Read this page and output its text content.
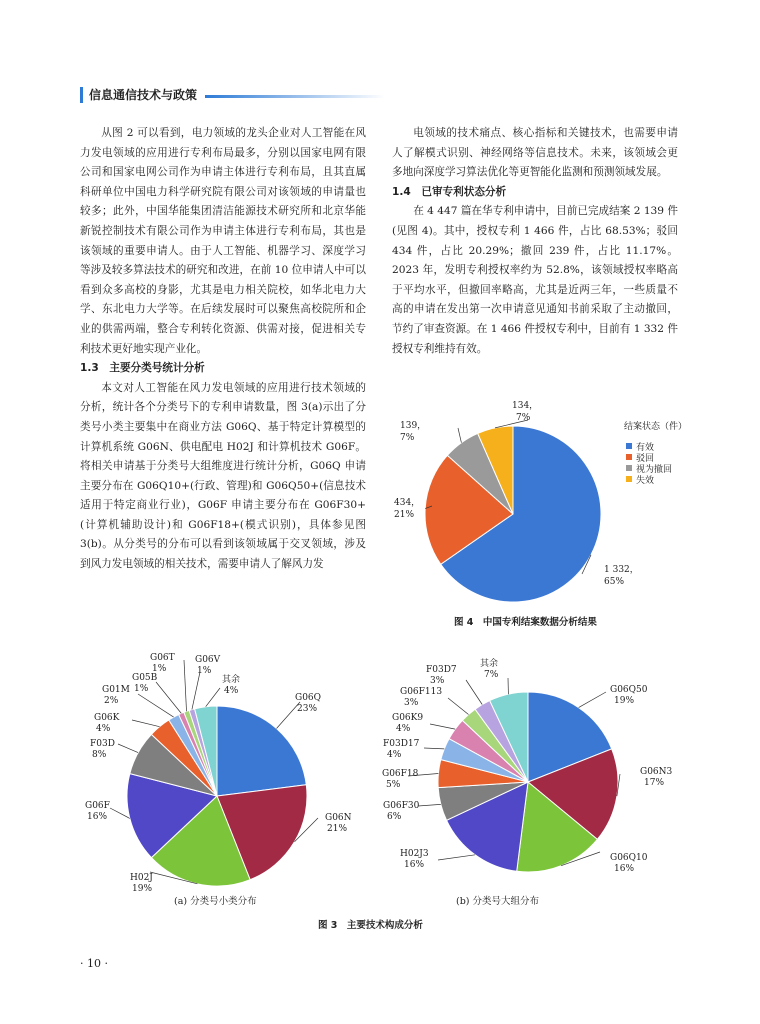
信息通信技术与政策

从图 2 可以看到，电力领域的龙头企业对人工智能在风力发电领域的应用进行专利布局最多，分别以国家电网有限公司和国家电网公司作为申请主体进行专利布局，且其直属科研单位中国电力科学研究院有限公司对该领域的申请量也较多；此外，中国华能集团清洁能源技术研究所和北京华能新锐控制技术有限公司作为申请主体进行专利布局，其也是该领域的重要申请人。由于人工智能、机器学习、深度学习等涉及较多算法技术的研究和改进，在前 10 位申请人中可以看到众多高校的身影，尤其是电力相关院校，如华北电力大学、东北电力大学等。在后续发展时可以聚焦高校院所和企业的供需两端，整合专利转化资源、供需对接，促进相关专利技术更好地实现产业化。

1.3　主要分类号统计分析

本文对人工智能在风力发电领域的应用进行技术领域的分析，统计各个分类号下的专利申请数量，图 3(a)示出了分类号小类主要集中在商业方法 G06Q、基于特定计算模型的计算机系统 G06N、供电配电 H02J 和计算机技术 G06F。将相关申请基于分类号大组维度进行统计分析，G06Q 申请主要分布在 G06Q10+(行政、管理)和 G06Q50+(信息技术适用于特定商业行业)，G06F 申请主要分布在 G06F30+(计算机辅助设计)和 G06F18+(模式识别)，具体参见图 3(b)。从分类号的分布可以看到该领域属于交叉领域，涉及到风力发电领域的相关技术，需要申请人了解风力发

电领域的技术痛点、核心指标和关键技术，也需要申请人了解模式识别、神经网络等信息技术。未来，该领域会更多地向深度学习算法优化等更智能化监测和预测领域发展。

1.4　已审专利状态分析

在 4 447 篇在华专利申请中，目前已完成结案 2 139 件(见图 4)。其中，授权专利 1 466 件，占比 68.53%；驳回 434 件，占比 20.29%；撤回 239 件，占比 11.17%。2023 年，发明专利授权率约为 52.8%，该领域授权率略高于平均水平，但撤回率略高，尤其是近两三年，一些质量不高的申请在发出第一次申请意见通知书前采取了主动撤回，节约了审查资源。在 1 466 件授权专利中，目前有 1 332 件授权专利维持有效。

1 332，
65%
434，
21%
139，
7%
134，
7%
结案状态（件）
有效
驳回
视为撤回
失效
图 4　中国专利结案数据分析结果
G06Q
23%
G06N
21%
H02J
19%
G06F
16%
F03D
8%
G06K
4%
G01M
2%
G05B
1%
G06T
1%
G06V
1%
其余
4%	G06Q50
19%
G06N3
17%
G06Q10
16%
H02J3
16%
G06F30
6%
G06F18
5%
F03D17
4%
G06K9
4%
G06F113
3%
F03D7
3%
其余
7%
(a) 分类号小类分布	(b) 分类号大组分布
图 3　主要技术构成分析
· 10 ·
